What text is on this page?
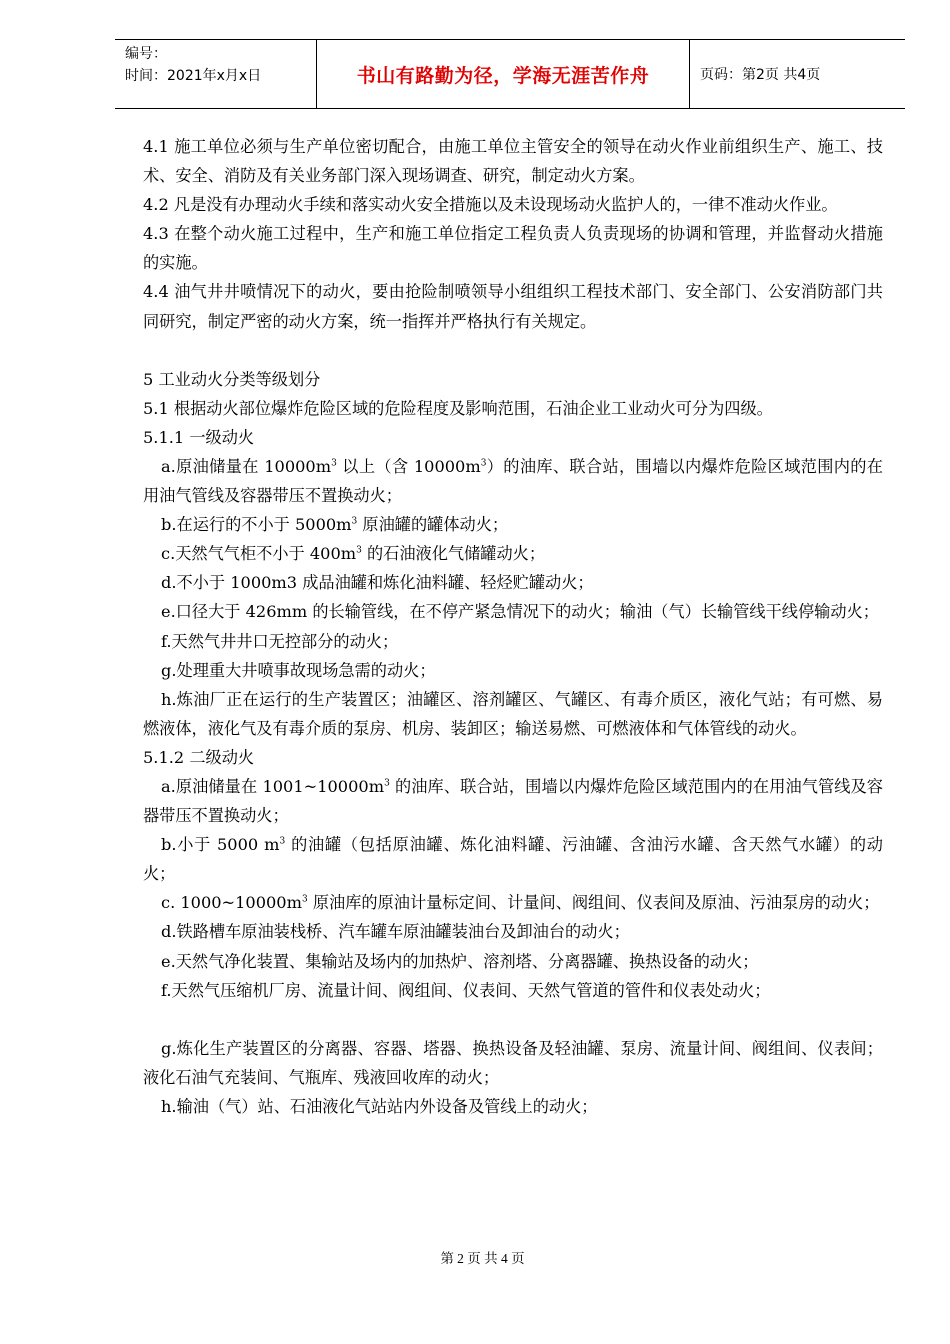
编号：
时间：2021年x月x日	书山有路勤为径，学海无涯苦作舟	页码：第2页 共4页

4.1 施工单位必须与生产单位密切配合，由施工单位主管安全的领导在动火作业前组织生产、施工、技术、安全、消防及有关业务部门深入现场调查、研究，制定动火方案。

4.2 凡是没有办理动火手续和落实动火安全措施以及未设现场动火监护人的，一律不准动火作业。

4.3 在整个动火施工过程中，生产和施工单位指定工程负责人负责现场的协调和管理，并监督动火措施的实施。

4.4 油气井井喷情况下的动火，要由抢险制喷领导小组组织工程技术部门、安全部门、公安消防部门共同研究，制定严密的动火方案，统一指挥并严格执行有关规定。

5 工业动火分类等级划分

5.1 根据动火部位爆炸危险区域的危险程度及影响范围，石油企业工业动火可分为四级。

5.1.1 一级动火

a.原油储量在 $10000m^3$ 以上（含 $10000m^3$）的油库、联合站，围墙以内爆炸危险区域范围内的在用油气管线及容器带压不置换动火；

b.在运行的不小于 $5000m^3$ 原油罐的罐体动火；

c.天然气气柜不小于 $400m^3$ 的石油液化气储罐动火；

d.不小于 1000m3 成品油罐和炼化油料罐、轻烃贮罐动火；

e.口径大于 426mm 的长输管线，在不停产紧急情况下的动火；输油（气）长输管线干线停输动火；

f.天然气井井口无控部分的动火；

g.处理重大井喷事故现场急需的动火；

h.炼油厂正在运行的生产装置区；油罐区、溶剂罐区、气罐区、有毒介质区，液化气站；有可燃、易燃液体，液化气及有毒介质的泵房、机房、装卸区；输送易燃、可燃液体和气体管线的动火。

5.1.2 二级动火

a.原油储量在 $1001\sim 10000m^3$ 的油库、联合站，围墙以内爆炸危险区域范围内的在用油气管线及容器带压不置换动火；

b.小于 5000 $m^3$ 的油罐（包括原油罐、炼化油料罐、污油罐、含油污水罐、含天然气水罐）的动火；

c. $1000\sim 10000m^3$ 原油库的原油计量标定间、计量间、阀组间、仪表间及原油、污油泵房的动火；

d.铁路槽车原油装栈桥、汽车罐车原油罐装油台及卸油台的动火；

e.天然气净化装置、集输站及场内的加热炉、溶剂塔、分离器罐、换热设备的动火；

f.天然气压缩机厂房、流量计间、阀组间、仪表间、天然气管道的管件和仪表处动火；

g.炼化生产装置区的分离器、容器、塔器、换热设备及轻油罐、泵房、流量计间、阀组间、仪表间；液化石油气充装间、气瓶库、残液回收库的动火；

h.输油（气）站、石油液化气站站内外设备及管线上的动火；

第 2 页 共 4 页
